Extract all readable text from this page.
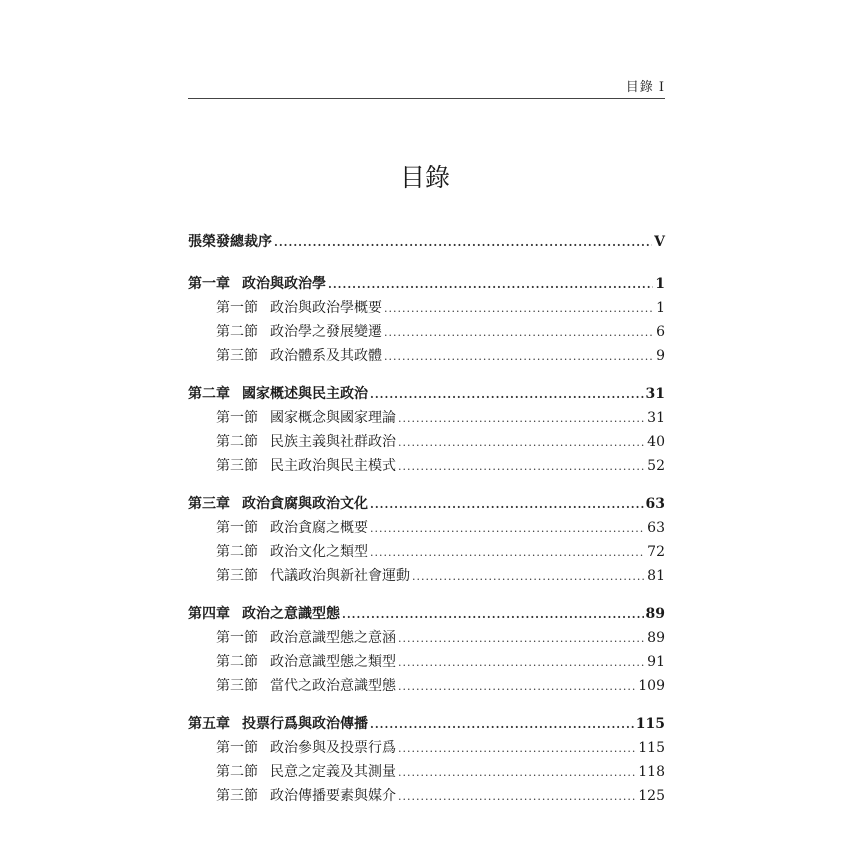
目錄 I
目錄
張榮發總裁序 .....	V
第一章 政治與政治學 .....	1
第一節 政治與政治學概要 .....	1
第二節 政治學之發展變遷 .....	6
第三節 政治體系及其政體 .....	9
第二章 國家概述與民主政治 .....	31
第一節 國家概念與國家理論 .....	31
第二節 民族主義與社群政治 .....	40
第三節 民主政治與民主模式 .....	52
第三章 政治貪腐與政治文化 .....	63
第一節 政治貪腐之概要 .....	63
第二節 政治文化之類型 .....	72
第三節 代議政治與新社會運動 .....	81
第四章 政治之意識型態 .....	89
第一節 政治意識型態之意涵 .....	89
第二節 政治意識型態之類型 .....	91
第三節 當代之政治意識型態 .....	109
第五章 投票行爲與政治傳播 .....	115
第一節 政治參與及投票行爲 .....	115
第二節 民意之定義及其測量 .....	118
第三節 政治傳播要素與媒介 .....	125
